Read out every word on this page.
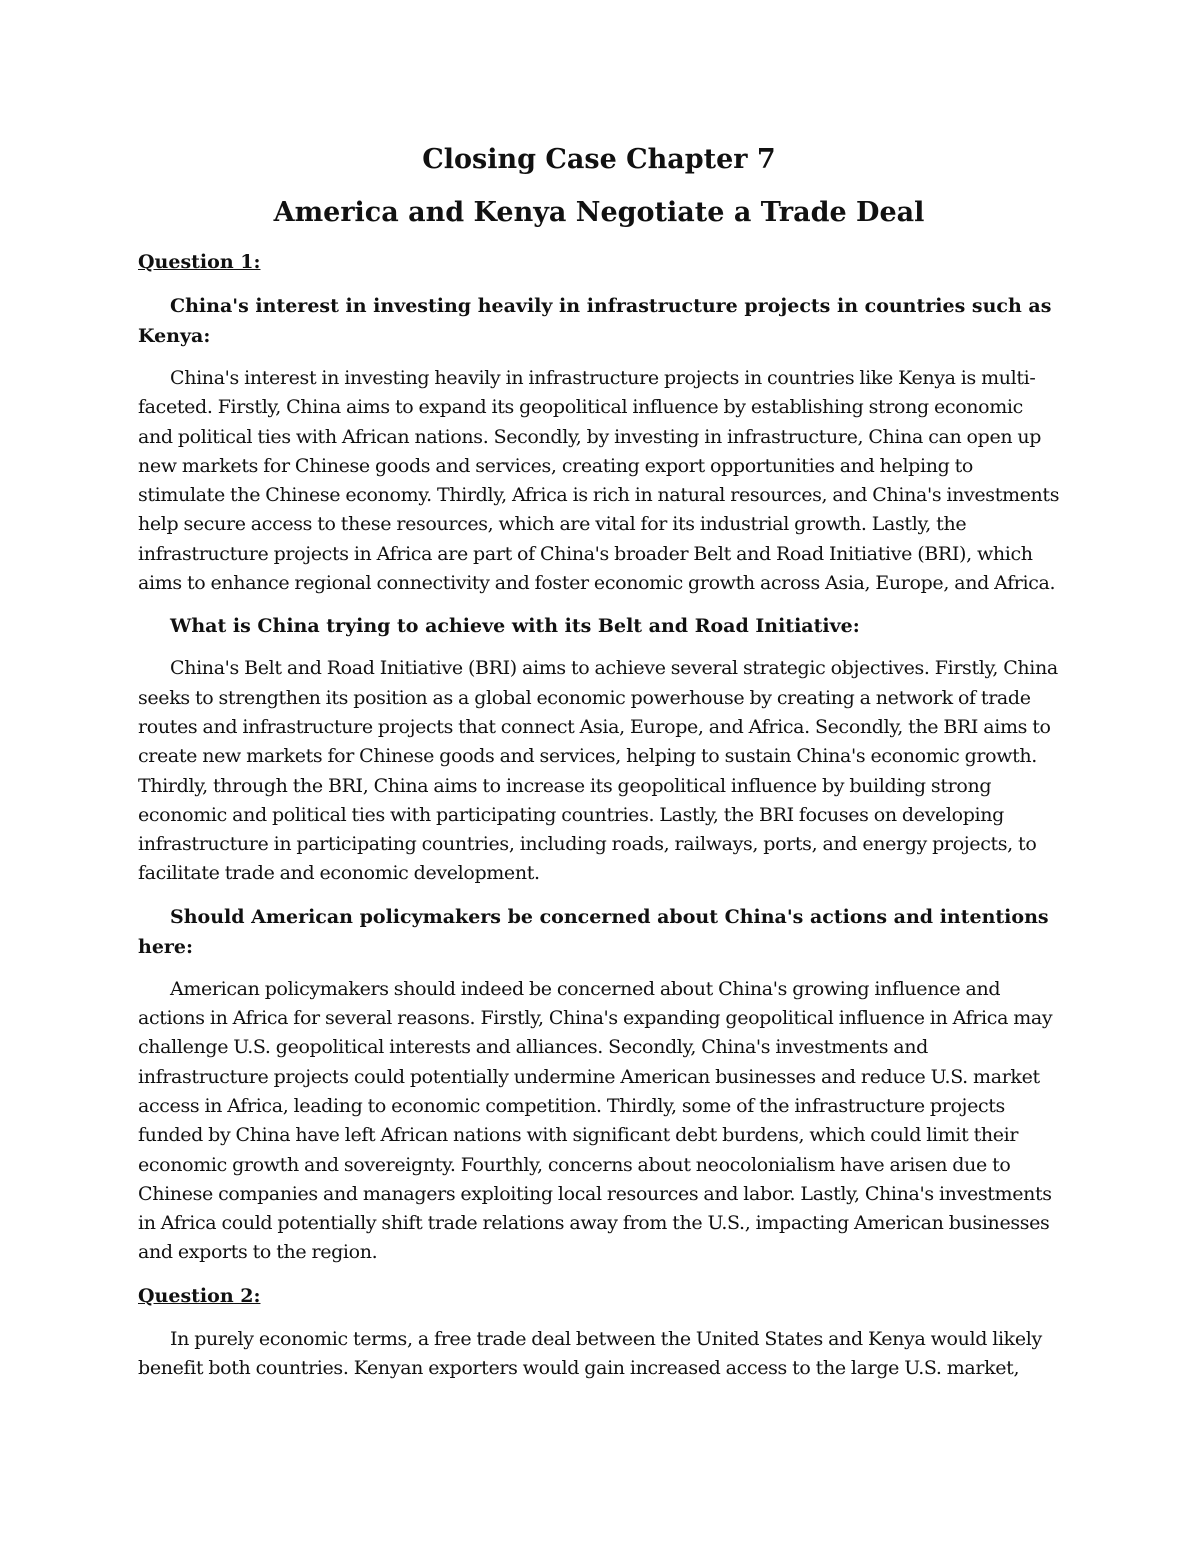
Closing Case Chapter 7
America and Kenya Negotiate a Trade Deal
Question 1:
China's interest in investing heavily in infrastructure projects in countries such as Kenya:

China's interest in investing heavily in infrastructure projects in countries like Kenya is multi-faceted. Firstly, China aims to expand its geopolitical influence by establishing strong economic and political ties with African nations. Secondly, by investing in infrastructure, China can open up new markets for Chinese goods and services, creating export opportunities and helping to stimulate the Chinese economy. Thirdly, Africa is rich in natural resources, and China's investments help secure access to these resources, which are vital for its industrial growth. Lastly, the infrastructure projects in Africa are part of China's broader Belt and Road Initiative (BRI), which aims to enhance regional connectivity and foster economic growth across Asia, Europe, and Africa.

What is China trying to achieve with its Belt and Road Initiative:

China's Belt and Road Initiative (BRI) aims to achieve several strategic objectives. Firstly, China seeks to strengthen its position as a global economic powerhouse by creating a network of trade routes and infrastructure projects that connect Asia, Europe, and Africa. Secondly, the BRI aims to create new markets for Chinese goods and services, helping to sustain China's economic growth. Thirdly, through the BRI, China aims to increase its geopolitical influence by building strong economic and political ties with participating countries. Lastly, the BRI focuses on developing infrastructure in participating countries, including roads, railways, ports, and energy projects, to facilitate trade and economic development.

Should American policymakers be concerned about China's actions and intentions here:

American policymakers should indeed be concerned about China's growing influence and actions in Africa for several reasons. Firstly, China's expanding geopolitical influence in Africa may challenge U.S. geopolitical interests and alliances. Secondly, China's investments and infrastructure projects could potentially undermine American businesses and reduce U.S. market access in Africa, leading to economic competition. Thirdly, some of the infrastructure projects funded by China have left African nations with significant debt burdens, which could limit their economic growth and sovereignty. Fourthly, concerns about neocolonialism have arisen due to Chinese companies and managers exploiting local resources and labor. Lastly, China's investments in Africa could potentially shift trade relations away from the U.S., impacting American businesses and exports to the region.

Question 2:

In purely economic terms, a free trade deal between the United States and Kenya would likely benefit both countries. Kenyan exporters would gain increased access to the large U.S. market,
